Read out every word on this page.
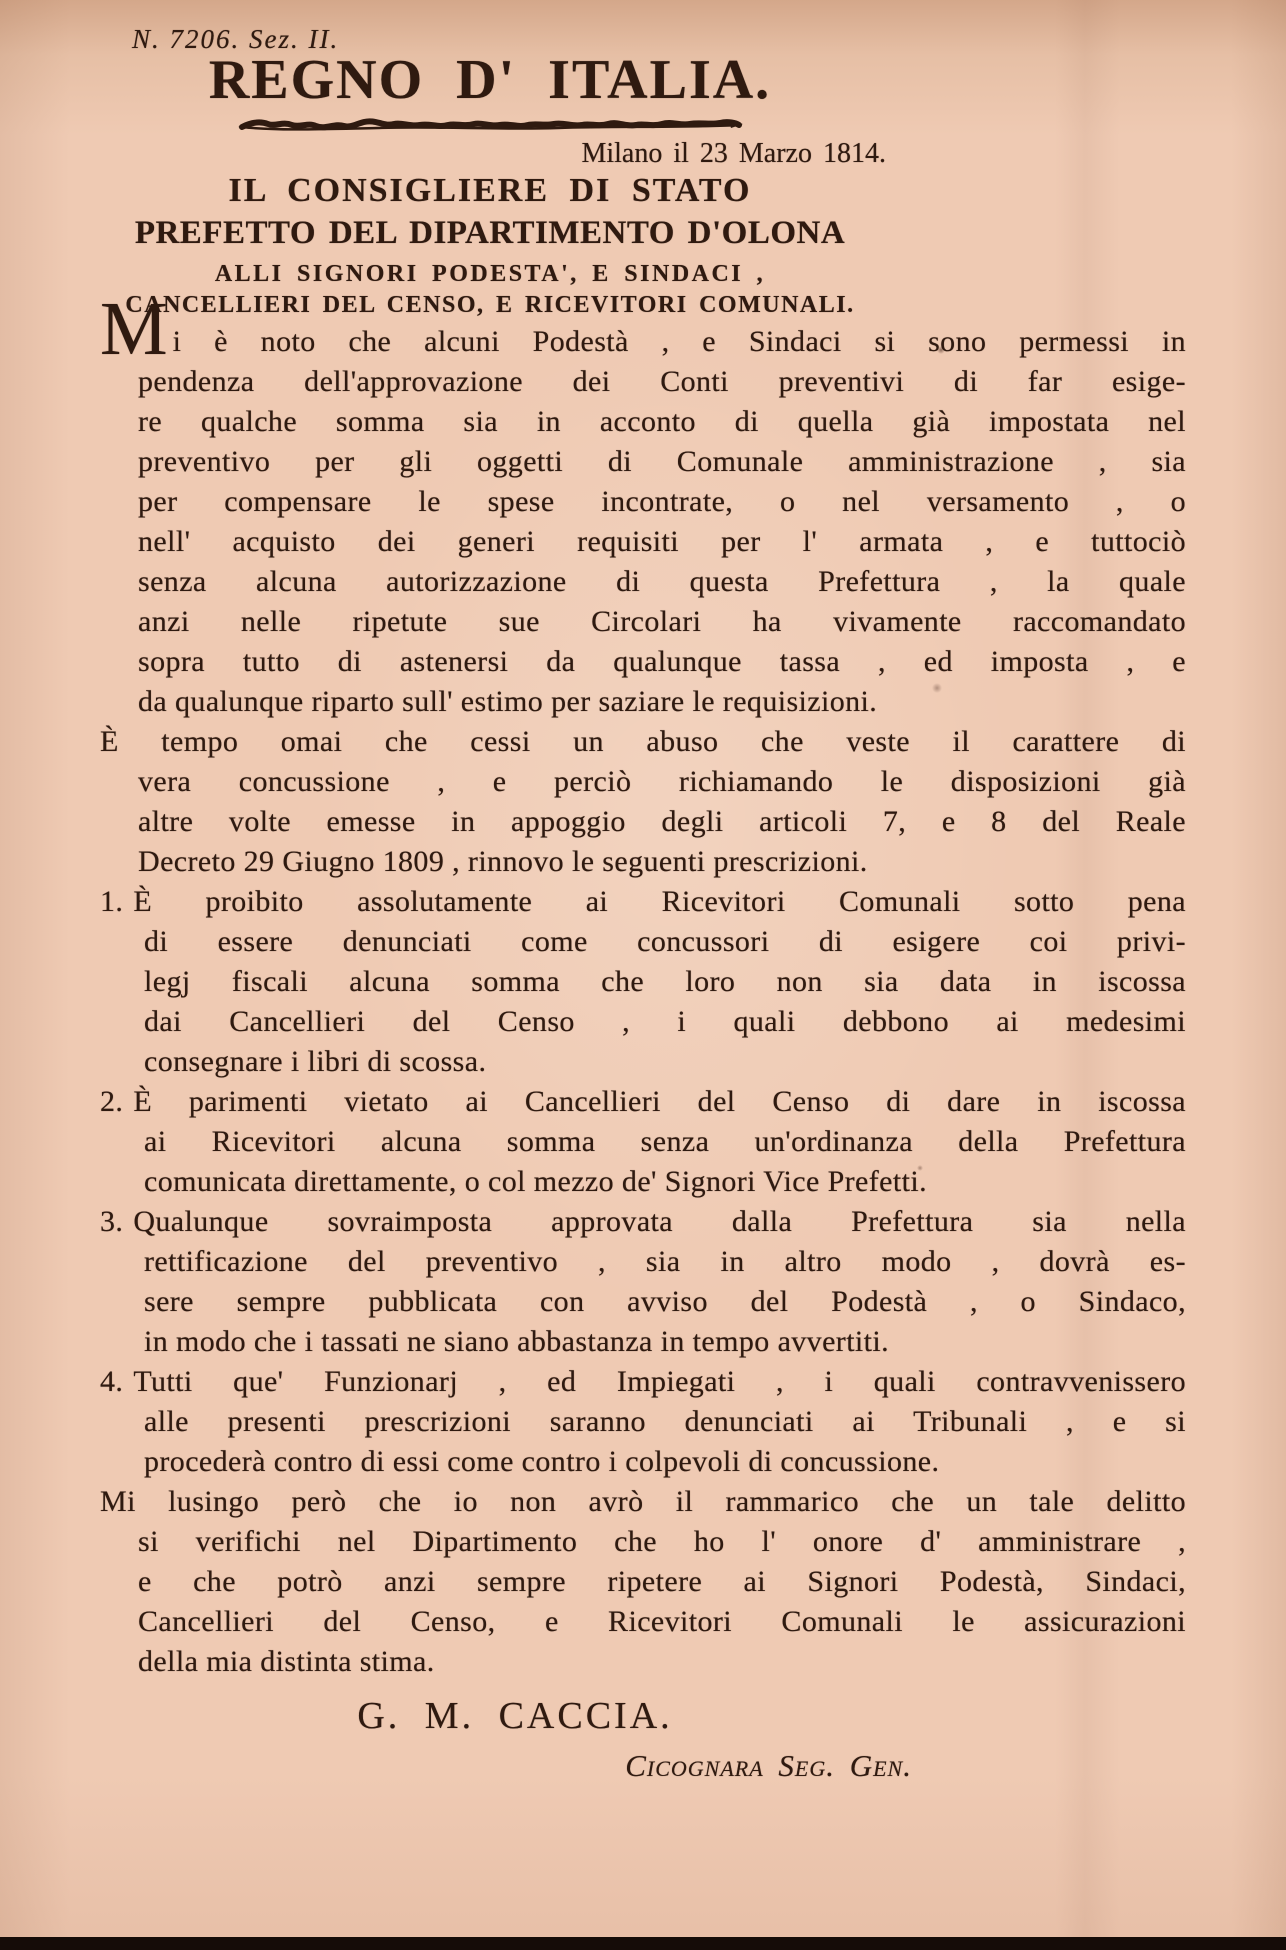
N. 7206. Sez. II.
REGNO D' ITALIA.
Milano il 23 Marzo 1814.
IL CONSIGLIERE DI STATO
PREFETTO DEL DIPARTIMENTO D'OLONA
ALLI SIGNORI PODESTA', E SINDACI ,
CANCELLIERI DEL CENSO, E RICEVITORI COMUNALI.
Mi è noto che alcuni Podestà , e Sindaci si sono permessi in
pendenza dell'approvazione dei Conti preventivi di far esige-
re qualche somma sia in acconto di quella già impostata nel
preventivo per gli oggetti di Comunale amministrazione , sia
per compensare le spese incontrate, o nel versamento , o
nell' acquisto dei generi requisiti per l' armata , e tuttociò
senza alcuna autorizzazione di questa Prefettura , la quale
anzi nelle ripetute sue Circolari ha vivamente raccomandato
sopra tutto di astenersi da qualunque tassa , ed imposta , e
da qualunque riparto sull' estimo per saziare le requisizioni.
È tempo omai che cessi un abuso che veste il carattere di
vera concussione , e perciò richiamando le disposizioni già
altre volte emesse in appoggio degli articoli 7, e 8 del Reale
Decreto 29 Giugno 1809 , rinnovo le seguenti prescrizioni.
1. È proibito assolutamente ai Ricevitori Comunali sotto pena
di essere denunciati come concussori di esigere coi privi-
legj fiscali alcuna somma che loro non sia data in iscossa
dai Cancellieri del Censo , i quali debbono ai medesimi
consegnare i libri di scossa.
2. È parimenti vietato ai Cancellieri del Censo di dare in iscossa
ai Ricevitori alcuna somma senza un'ordinanza della Prefettura
comunicata direttamente, o col mezzo de' Signori Vice Prefetti.
3. Qualunque sovraimposta approvata dalla Prefettura sia nella
rettificazione del preventivo , sia in altro modo , dovrà es-
sere sempre pubblicata con avviso del Podestà , o Sindaco,
in modo che i tassati ne siano abbastanza in tempo avvertiti.
4. Tutti que' Funzionarj , ed Impiegati , i quali contravvenissero
alle presenti prescrizioni saranno denunciati ai Tribunali , e si
procederà contro di essi come contro i colpevoli di concussione.
Mi lusingo però che io non avrò il rammarico che un tale delitto
si verifichi nel Dipartimento che ho l' onore d' amministrare ,
e che potrò anzi sempre ripetere ai Signori Podestà, Sindaci,
Cancellieri del Censo, e Ricevitori Comunali le assicurazioni
della mia distinta stima.
G. M. CACCIA.
Cicognara Seg. Gen.
